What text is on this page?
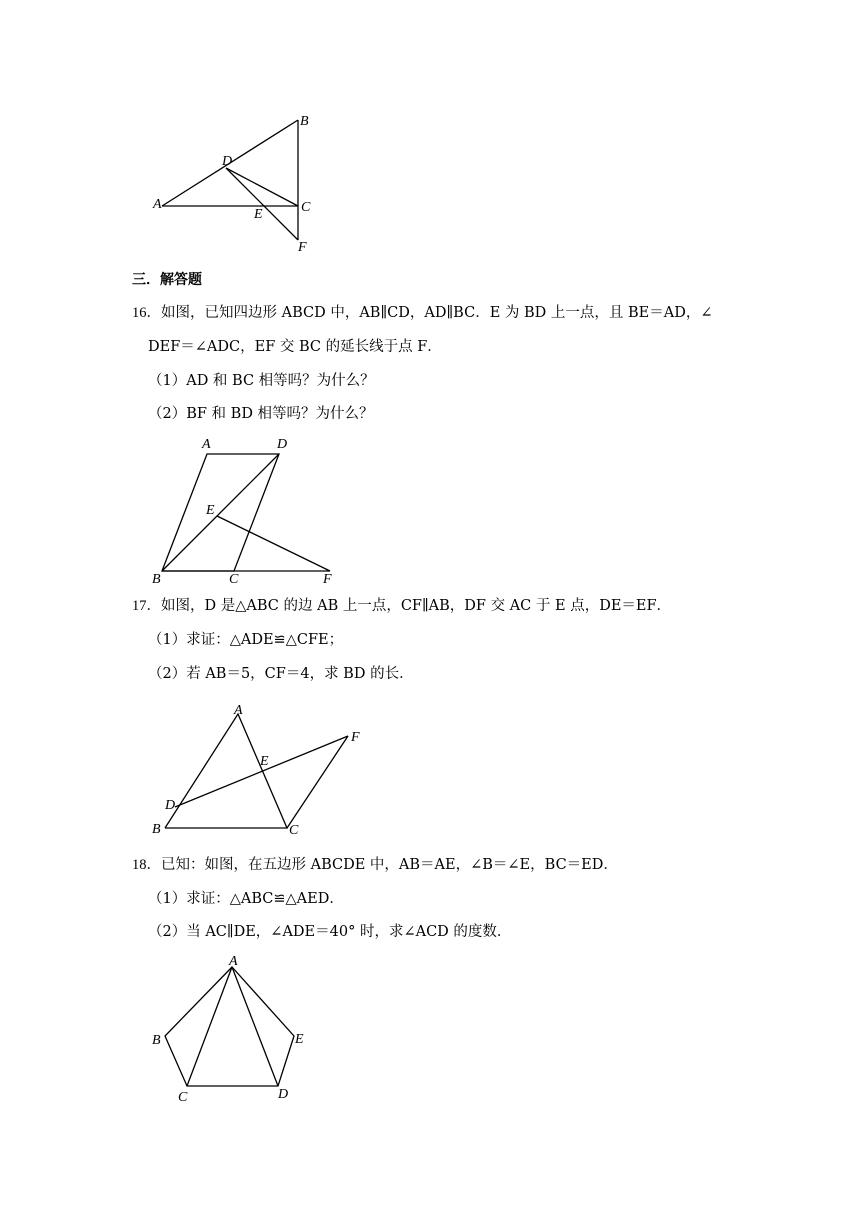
B
D
A
E	C
F
三．解答题
16．如图，已知四边形 ABCD 中，AB∥CD，AD∥BC．E 为 BD 上一点，且 BE＝AD，∠
DEF＝∠ADC，EF 交 BC 的延长线于点 F．
（1）AD 和 BC 相等吗？为什么？
（2）BF 和 BD 相等吗？为什么？
A	D
E
B	C	F
17．如图，D 是△ABC 的边 AB 上一点，CF∥AB，DF 交 AC 于 E 点，DE＝EF．
（1）求证：△ADE≌△CFE；
（2）若 AB＝5，CF＝4，求 BD 的长．
A
F
E
D
B	C
18．已知：如图，在五边形 ABCDE 中，AB＝AE，∠B＝∠E，BC＝ED．
（1）求证：△ABC≌△AED．
（2）当 AC∥DE，∠ADE＝40° 时，求∠ACD 的度数．
A
B	E
C	D
